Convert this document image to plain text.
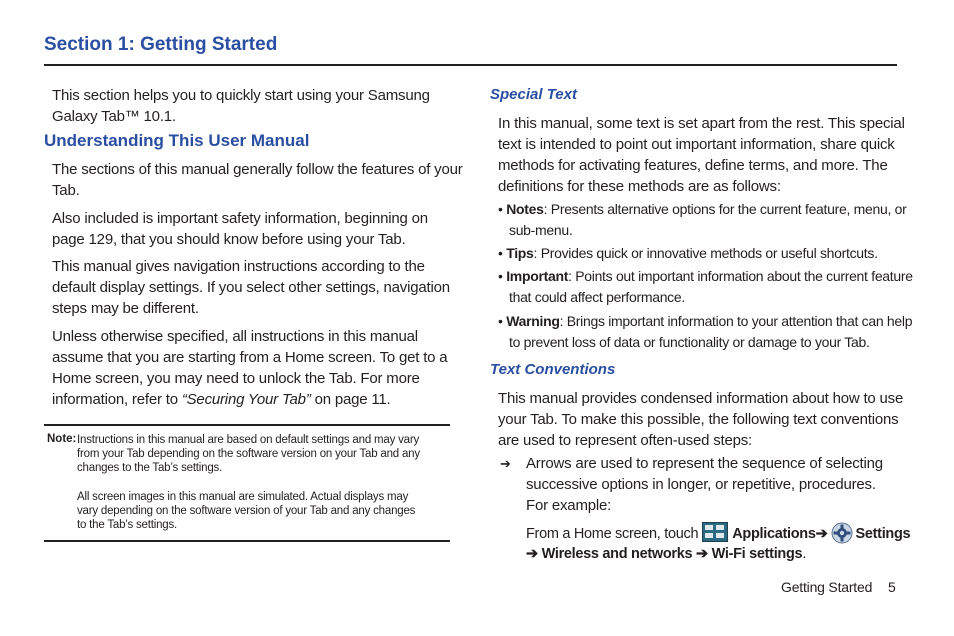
Section 1: Getting Started
This section helps you to quickly start using your Samsung
Galaxy Tab™ 10.1.
Understanding This User Manual
The sections of this manual generally follow the features of your
Tab.
Also included is important safety information, beginning on
page 129, that you should know before using your Tab.
This manual gives navigation instructions according to the
default display settings. If you select other settings, navigation
steps may be different.
Unless otherwise specified, all instructions in this manual
assume that you are starting from a Home screen. To get to a
Home screen, you may need to unlock the Tab. For more
information, refer to “Securing Your Tab” on page 11.
Note: Instructions in this manual are based on default settings and may vary
from your Tab depending on the software version on your Tab and any
changes to the Tab’s settings.
All screen images in this manual are simulated. Actual displays may
vary depending on the software version of your Tab and any changes
to the Tab’s settings.
Special Text
In this manual, some text is set apart from the rest. This special
text is intended to point out important information, share quick
methods for activating features, define terms, and more. The
definitions for these methods are as follows:
• Notes: Presents alternative options for the current feature, menu, or
sub-menu.
• Tips: Provides quick or innovative methods or useful shortcuts.
• Important: Points out important information about the current feature
that could affect performance.
• Warning: Brings important information to your attention that can help
to prevent loss of data or functionality or damage to your Tab.
Text Conventions
This manual provides condensed information about how to use
your Tab. To make this possible, the following text conventions
are used to represent often-used steps:
➔ Arrows are used to represent the sequence of selecting
successive options in longer, or repetitive, procedures.
For example:
From a Home screen, touch Applications➔ Settings
➔ Wireless and networks ➔ Wi-Fi settings.
Getting Started 5
